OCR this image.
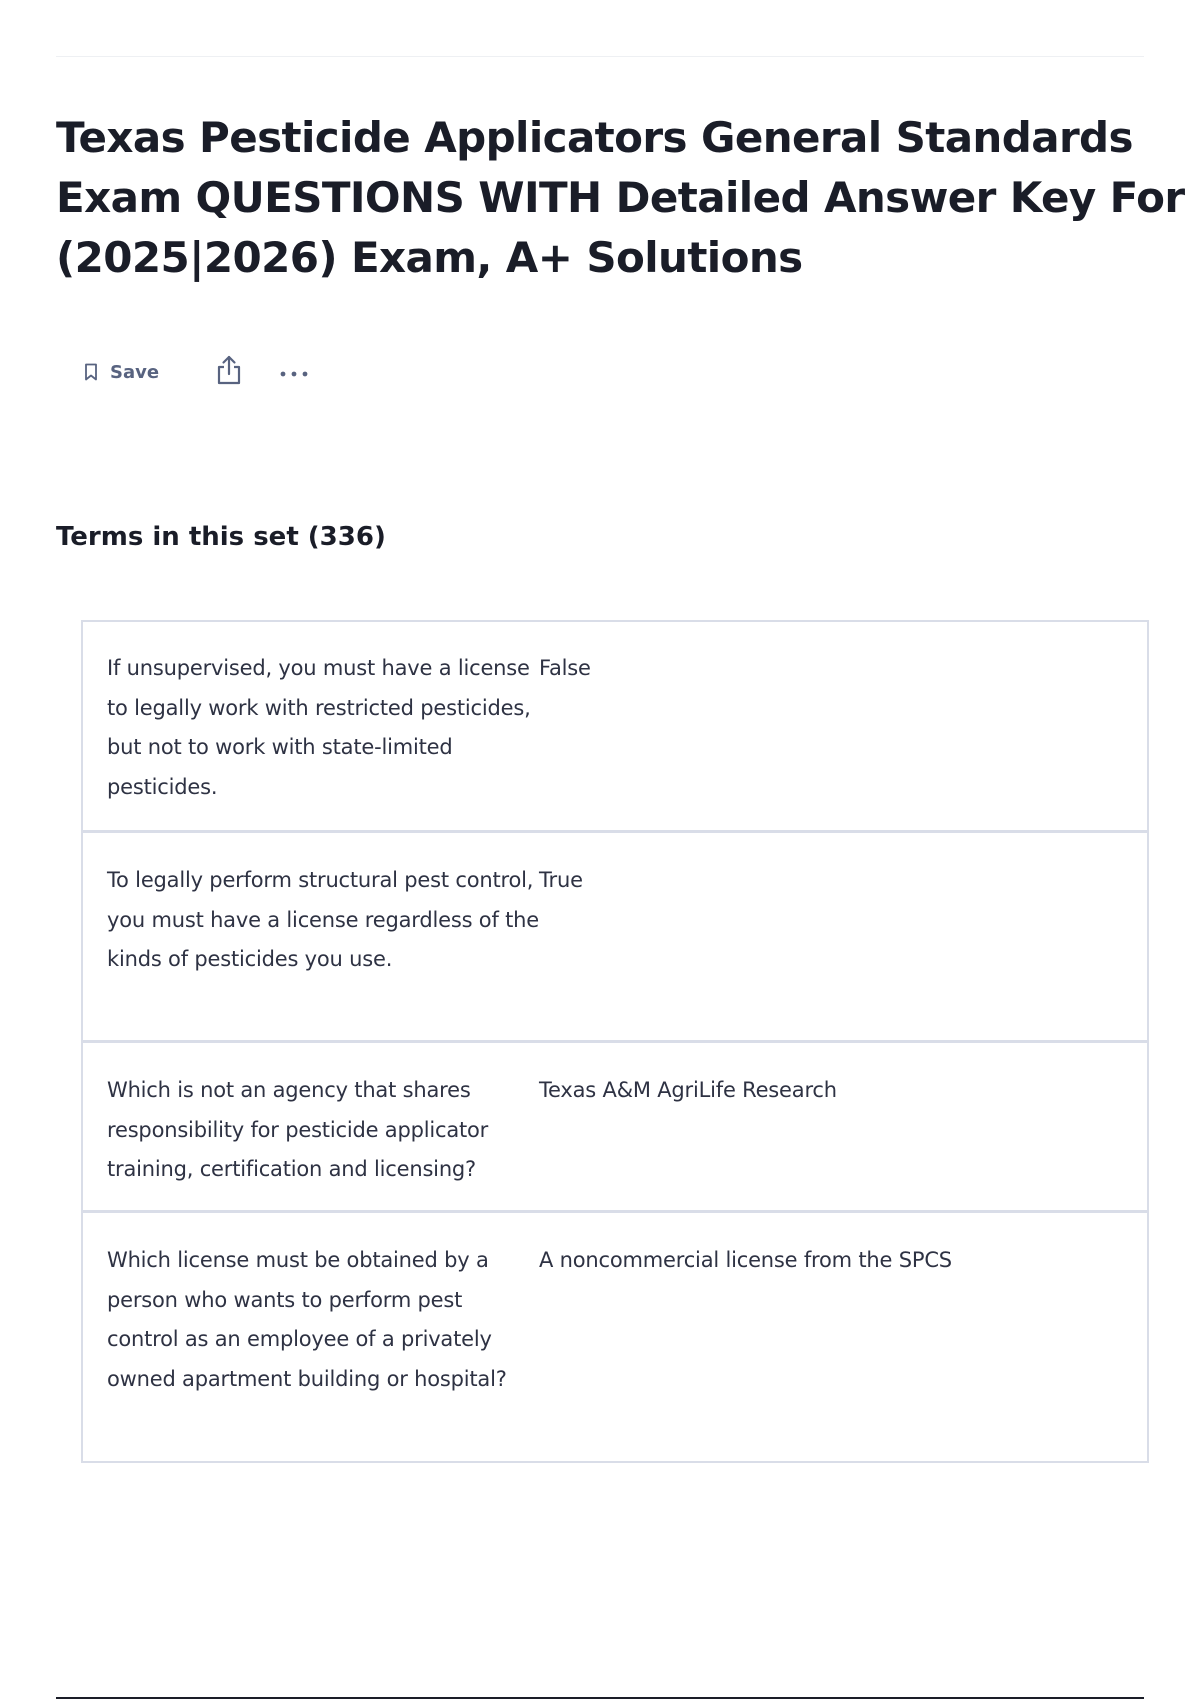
Texas Pesticide Applicators General Standards Exam QUESTIONS WITH Detailed Answer Key For (2025|2026) Exam, A+ Solutions
Save
Terms in this set (336)
If unsupervised, you must have a license to legally work with restricted pesticides, but not to work with state-limited pesticides.
False
To legally perform structural pest control, you must have a license regardless of the kinds of pesticides you use.
True
Which is not an agency that shares responsibility for pesticide applicator training, certification and licensing?
Texas A&M AgriLife Research
Which license must be obtained by a person who wants to perform pest control as an employee of a privately owned apartment building or hospital?
A noncommercial license from the SPCS
